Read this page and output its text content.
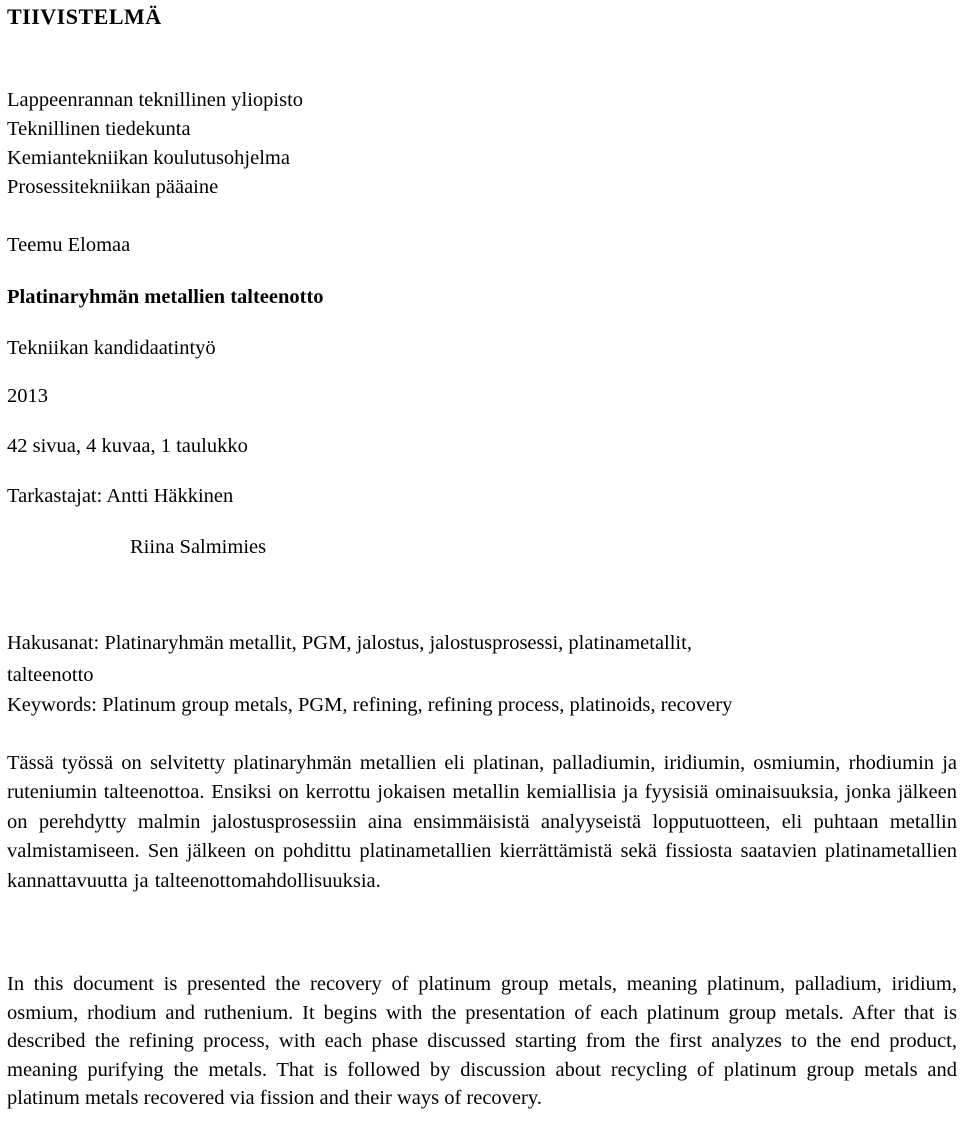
TIIVISTELMÄ
Lappeenrannan teknillinen yliopisto
Teknillinen tiedekunta
Kemiantekniikan koulutusohjelma
Prosessitekniikan pääaine
Teemu Elomaa
Platinaryhmän metallien talteenotto
Tekniikan kandidaatintyö
2013
42 sivua, 4 kuvaa, 1 taulukko
Tarkastajat: Antti Häkkinen
Riina Salmimies
Hakusanat: Platinaryhmän metallit, PGM, jalostus, jalostusprosessi, platinametallit,
talteenotto
Keywords: Platinum group metals, PGM, refining, refining process, platinoids, recovery

Tässä työssä on selvitetty platinaryhmän metallien eli platinan, palladiumin, iridiumin, osmiumin, rhodiumin ja ruteniumin talteenottoa. Ensiksi on kerrottu jokaisen metallin kemiallisia ja fyysisiä ominaisuuksia, jonka jälkeen on perehdytty malmin jalostusprosessiin aina ensimmäisistä analyyseistä lopputuotteen, eli puhtaan metallin valmistamiseen. Sen jälkeen on pohdittu platinametallien kierrättämistä sekä fissiosta saatavien platinametallien kannattavuutta ja talteenottomahdollisuuksia.

In this document is presented the recovery of platinum group metals, meaning platinum, palladium, iridium, osmium, rhodium and ruthenium. It begins with the presentation of each platinum group metals. After that is described the refining process, with each phase discussed starting from the first analyzes to the end product, meaning purifying the metals. That is followed by discussion about recycling of platinum group metals and platinum metals recovered via fission and their ways of recovery.
